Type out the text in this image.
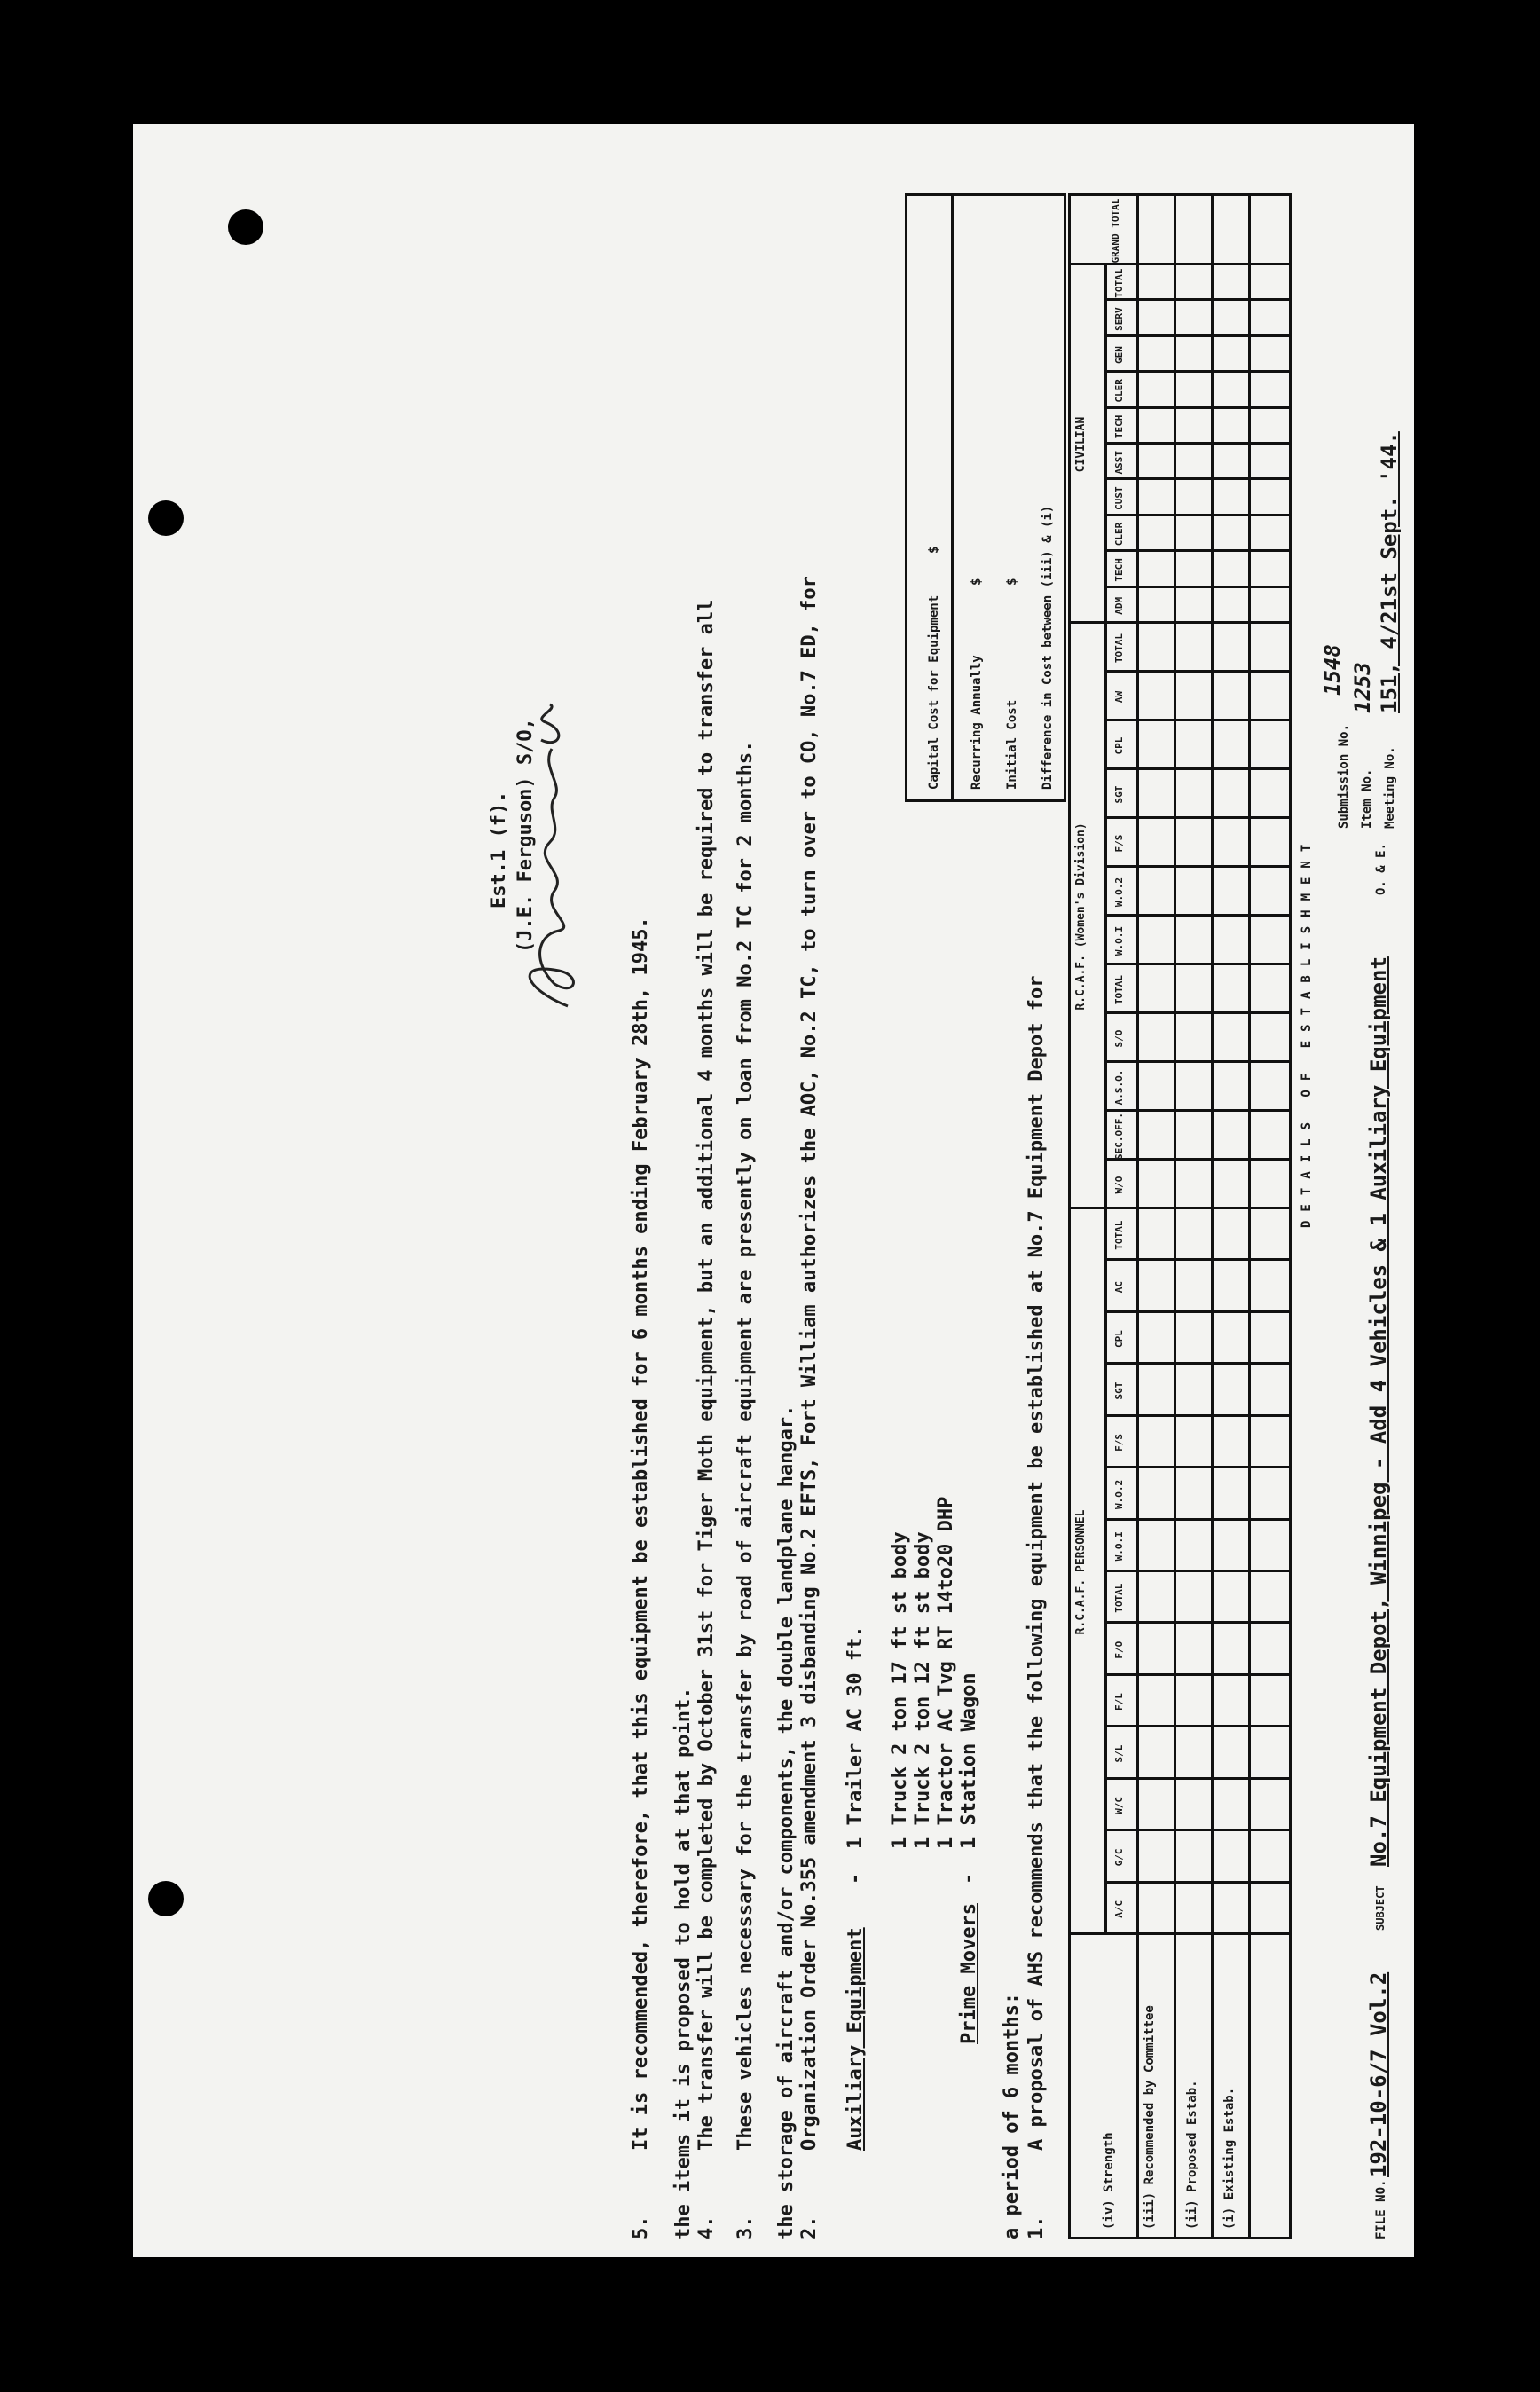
FILE NO.
192-10-6/7 Vol.2
SUBJECT
No.7 Equipment Depot, Winnipeg - Add 4 Vehicles & 1 Auxiliary Equipment
O. & E.
Meeting No.
151, 4/21st Sept. '44.
Item No.
1253
Submission No.
1548
DETAILS OF ESTABLISHMENT
R.C.A.F. PERSONNEL
R.C.A.F. (Women's Division)
CIVILIAN
GRAND TOTAL
(i) Existing Estab.
(ii) Proposed Estab.
(iii) Recommended by Committee
(iv) Strength
A/C
G/C
W/C
S/L
F/L
F/O
TOTAL
W.O.I
W.O.2
F/S
SGT
CPL
AC
TOTAL
W/O
SEC.OFF.
A.S.O.
S/O
TOTAL
W.O.I
W.O.2
F/S
SGT
CPL
AW
TOTAL
ADM
TECH
CLER
CUST
ASST
TECH
CLER
GEN
SERV
TOTAL
Difference in Cost between (iii) & (i)
Initial Cost
$
Recurring Annually
$
Capital Cost for Equipment
$
1.
A proposal of AHS recommends that the following equipment be established at No.7 Equipment Depot for
a period of 6 months:
Prime Movers
-
1 Station Wagon
1 Tractor AC Tvg RT 14to20 DHP
1 Truck 2 ton 12 ft st body
1 Truck 2 ton 17 ft st body
Auxiliary Equipment
-
1 Trailer AC 30 ft.
2.
Organization Order No.355 amendment 3 disbanding No.2 EFTS, Fort William authorizes the AOC, No.2 TC, to turn over to CO, No.7 ED, for
the storage of aircraft and/or components, the double landplane hangar.
3.
These vehicles necessary for the transfer by road of aircraft equipment are presently on loan from No.2 TC for 2 months.
4.
The transfer will be completed by October 31st for Tiger Moth equipment, but an additional 4 months will be required to transfer all
the items it is proposed to hold at that point.
5.
It is recommended, therefore, that this equipment be established for 6 months ending February 28th, 1945.
(J.E. Ferguson) S/O,
Est.1 (f).
